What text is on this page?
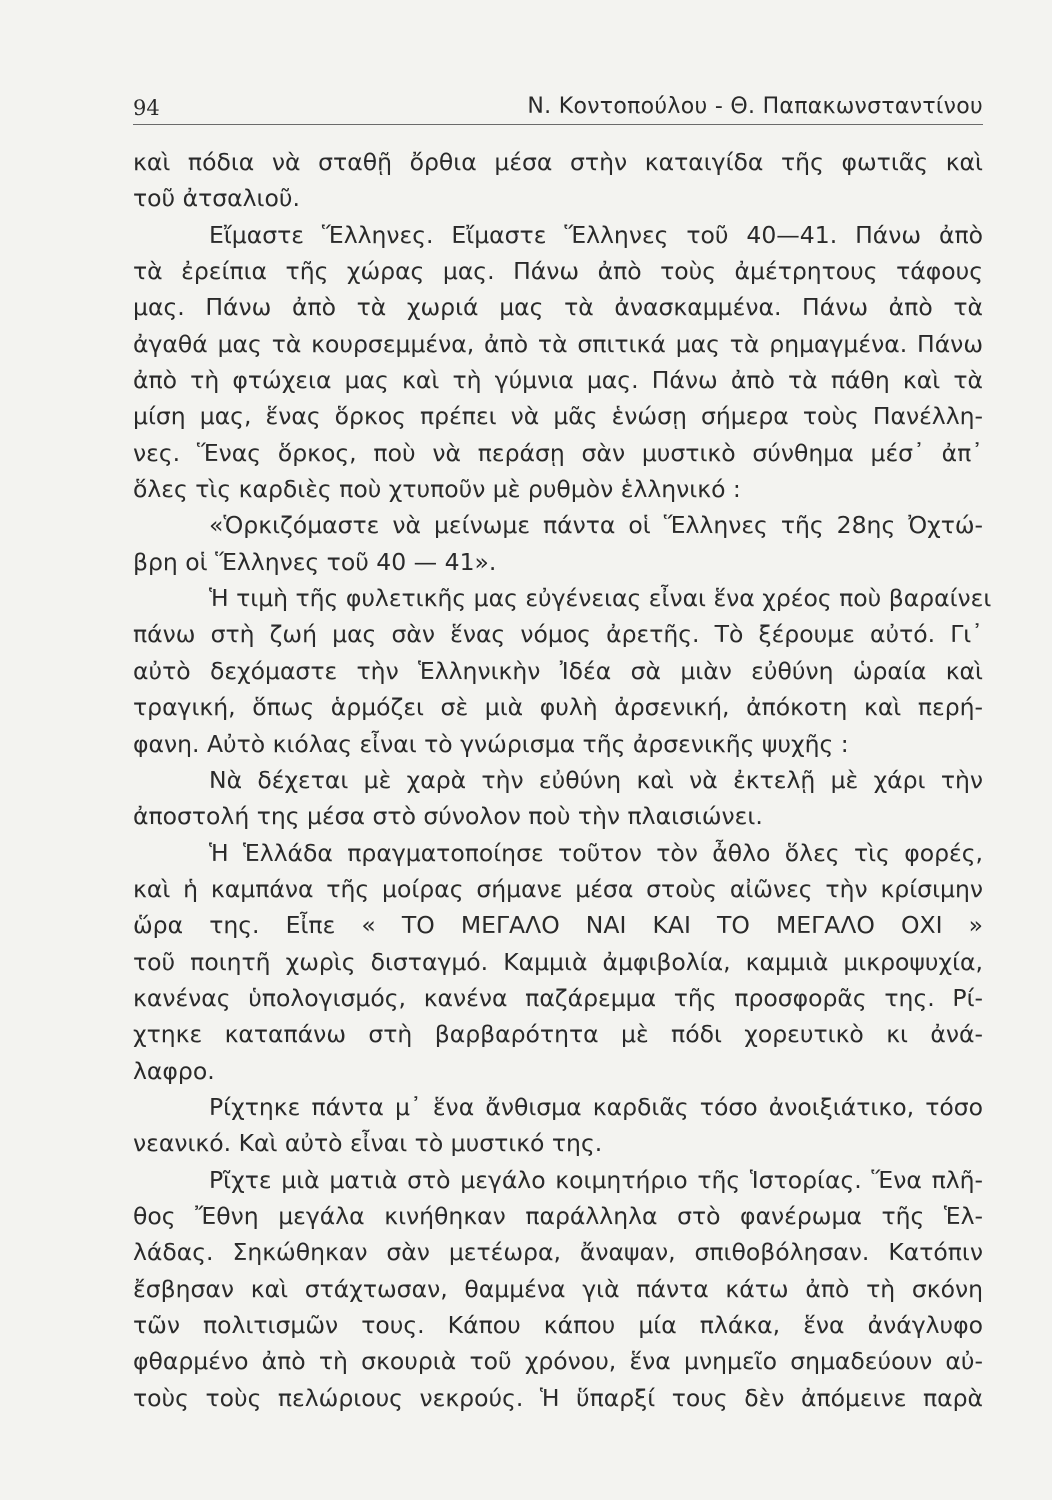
94	Ν. Κοντοπούλου - Θ. Παπακωνσταντίνου
καὶ πόδια νὰ σταθῇ ὄρθια μέσα στὴν καταιγίδα τῆς φωτιᾶς καὶ
τοῦ ἀτσαλιοῦ.
Εἴμαστε Ἕλληνες. Εἴμαστε Ἕλληνες τοῦ 40—41. Πάνω ἀπὸ
τὰ ἐρείπια τῆς χώρας μας. Πάνω ἀπὸ τοὺς ἀμέτρητους τάφους
μας. Πάνω ἀπὸ τὰ χωριά μας τὰ ἀνασκαμμένα. Πάνω ἀπὸ τὰ
ἀγαθά μας τὰ κουρσεμμένα, ἀπὸ τὰ σπιτικά μας τὰ ρημαγμένα. Πάνω
ἀπὸ τὴ φτώχεια μας καὶ τὴ γύμνια μας. Πάνω ἀπὸ τὰ πάθη καὶ τὰ
μίση μας, ἕνας ὅρκος πρέπει νὰ μᾶς ἑνώσῃ σήμερα τοὺς Πανέλλη-
νες. Ἕνας ὅρκος, ποὺ νὰ περάσῃ σὰν μυστικὸ σύνθημα μέσ᾽ ἀπ᾽
ὅλες τὶς καρδιὲς ποὺ χτυποῦν μὲ ρυθμὸν ἑλληνικό :
«Ὁρκιζόμαστε νὰ μείνωμε πάντα οἱ Ἕλληνες τῆς 28ης Ὀχτώ-
βρη οἱ Ἕλληνες τοῦ 40 — 41».
Ἡ τιμὴ τῆς φυλετικῆς μας εὐγένειας εἶναι ἕνα χρέος ποὺ βαραίνει
πάνω στὴ ζωή μας σὰν ἕνας νόμος ἀρετῆς. Τὸ ξέρουμε αὐτό. Γι᾽
αὐτὸ δεχόμαστε τὴν Ἑλληνικὴν Ἰδέα σὰ μιὰν εὐθύνη ὡραία καὶ
τραγική, ὅπως ἁρμόζει σὲ μιὰ φυλὴ ἀρσενική, ἀπόκοτη καὶ περή-
φανη. Αὐτὸ κιόλας εἶναι τὸ γνώρισμα τῆς ἀρσενικῆς ψυχῆς :
Νὰ δέχεται μὲ χαρὰ τὴν εὐθύνη καὶ νὰ ἐκτελῇ μὲ χάρι τὴν
ἀποστολή της μέσα στὸ σύνολον ποὺ τὴν πλαισιώνει.
Ἡ Ἑλλάδα πραγματοποίησε τοῦτον τὸν ἆθλο ὅλες τὶς φορές,
καὶ ἡ καμπάνα τῆς μοίρας σήμανε μέσα στοὺς αἰῶνες τὴν κρίσιμην
ὥρα της. Εἶπε « ΤΟ ΜΕΓΑΛΟ ΝΑΙ ΚΑΙ ΤΟ ΜΕΓΑΛΟ ΟΧΙ »
τοῦ ποιητῆ χωρὶς δισταγμό. Καμμιὰ ἀμφιβολία, καμμιὰ μικροψυχία,
κανένας ὑπολογισμός, κανένα παζάρεμμα τῆς προσφορᾶς της. Ρί-
χτηκε καταπάνω στὴ βαρβαρότητα μὲ πόδι χορευτικὸ κι ἀνά-
λαφρο.
Ρίχτηκε πάντα μ᾽ ἕνα ἄνθισμα καρδιᾶς τόσο ἀνοιξιάτικο, τόσο
νεανικό. Καὶ αὐτὸ εἶναι τὸ μυστικό της.
Ρῖχτε μιὰ ματιὰ στὸ μεγάλο κοιμητήριο τῆς Ἱστορίας. Ἕνα πλῆ-
θος Ἔθνη μεγάλα κινήθηκαν παράλληλα στὸ φανέρωμα τῆς Ἑλ-
λάδας. Σηκώθηκαν σὰν μετέωρα, ἄναψαν, σπιθοβόλησαν. Κατόπιν
ἔσβησαν καὶ στάχτωσαν, θαμμένα γιὰ πάντα κάτω ἀπὸ τὴ σκόνη
τῶν πολιτισμῶν τους. Κάπου κάπου μία πλάκα, ἕνα ἀνάγλυφο
φθαρμένο ἀπὸ τὴ σκουριὰ τοῦ χρόνου, ἕνα μνημεῖο σημαδεύουν αὐ-
τοὺς τοὺς πελώριους νεκρούς. Ἡ ὕπαρξί τους δὲν ἀπόμεινε παρὰ
